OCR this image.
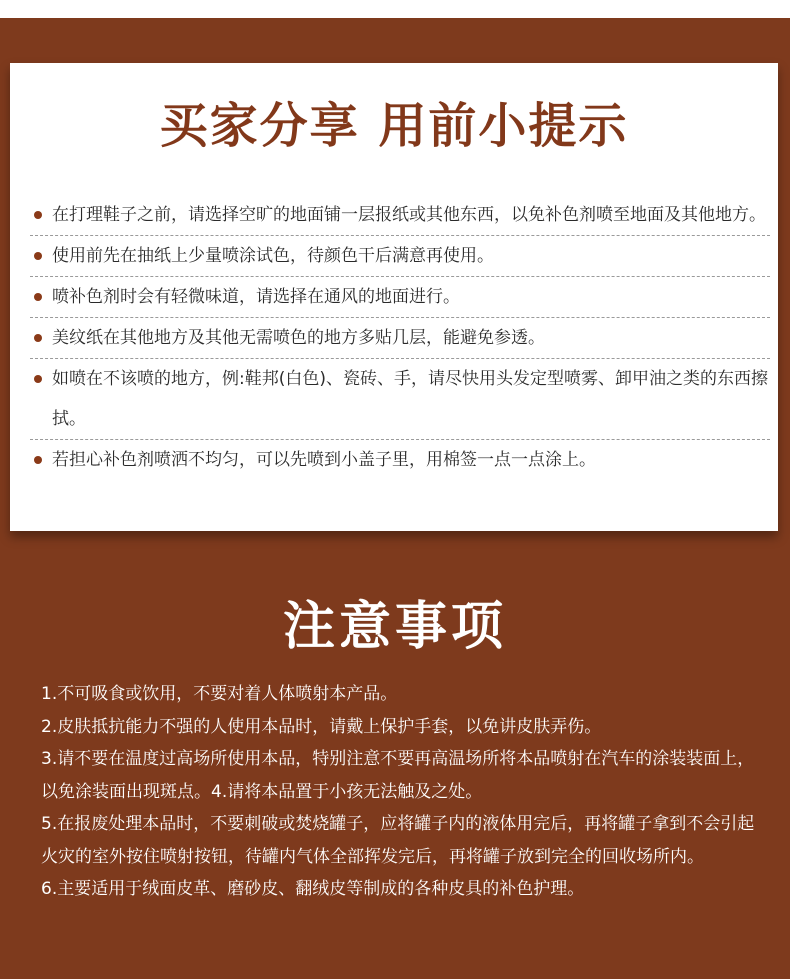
买家分享 用前小提示
在打理鞋子之前，请选择空旷的地面铺一层报纸或其他东西，以免补色剂喷至地面及其他地方。
使用前先在抽纸上少量喷涂试色，待颜色干后满意再使用。
喷补色剂时会有轻微味道，请选择在通风的地面进行。
美纹纸在其他地方及其他无需喷色的地方多贴几层，能避免参透。
如喷在不该喷的地方，例:鞋邦(白色)、瓷砖、手，请尽快用头发定型喷雾、卸甲油之类的东西擦拭。
若担心补色剂喷洒不均匀，可以先喷到小盖子里，用棉签一点一点涂上。
注意事项
1.不可吸食或饮用，不要对着人体喷射本产品。
2.皮肤抵抗能力不强的人使用本品时，请戴上保护手套，以免讲皮肤弄伤。
3.请不要在温度过高场所使用本品，特别注意不要再高温场所将本品喷射在汽车的涂装装面上，以免涂装面出现斑点。4.请将本品置于小孩无法触及之处。
5.在报废处理本品时，不要刺破或焚烧罐子，应将罐子内的液体用完后，再将罐子拿到不会引起火灾的室外按住喷射按钮，待罐内气体全部挥发完后，再将罐子放到完全的回收场所内。
6.主要适用于绒面皮革、磨砂皮、翻绒皮等制成的各种皮具的补色护理。
